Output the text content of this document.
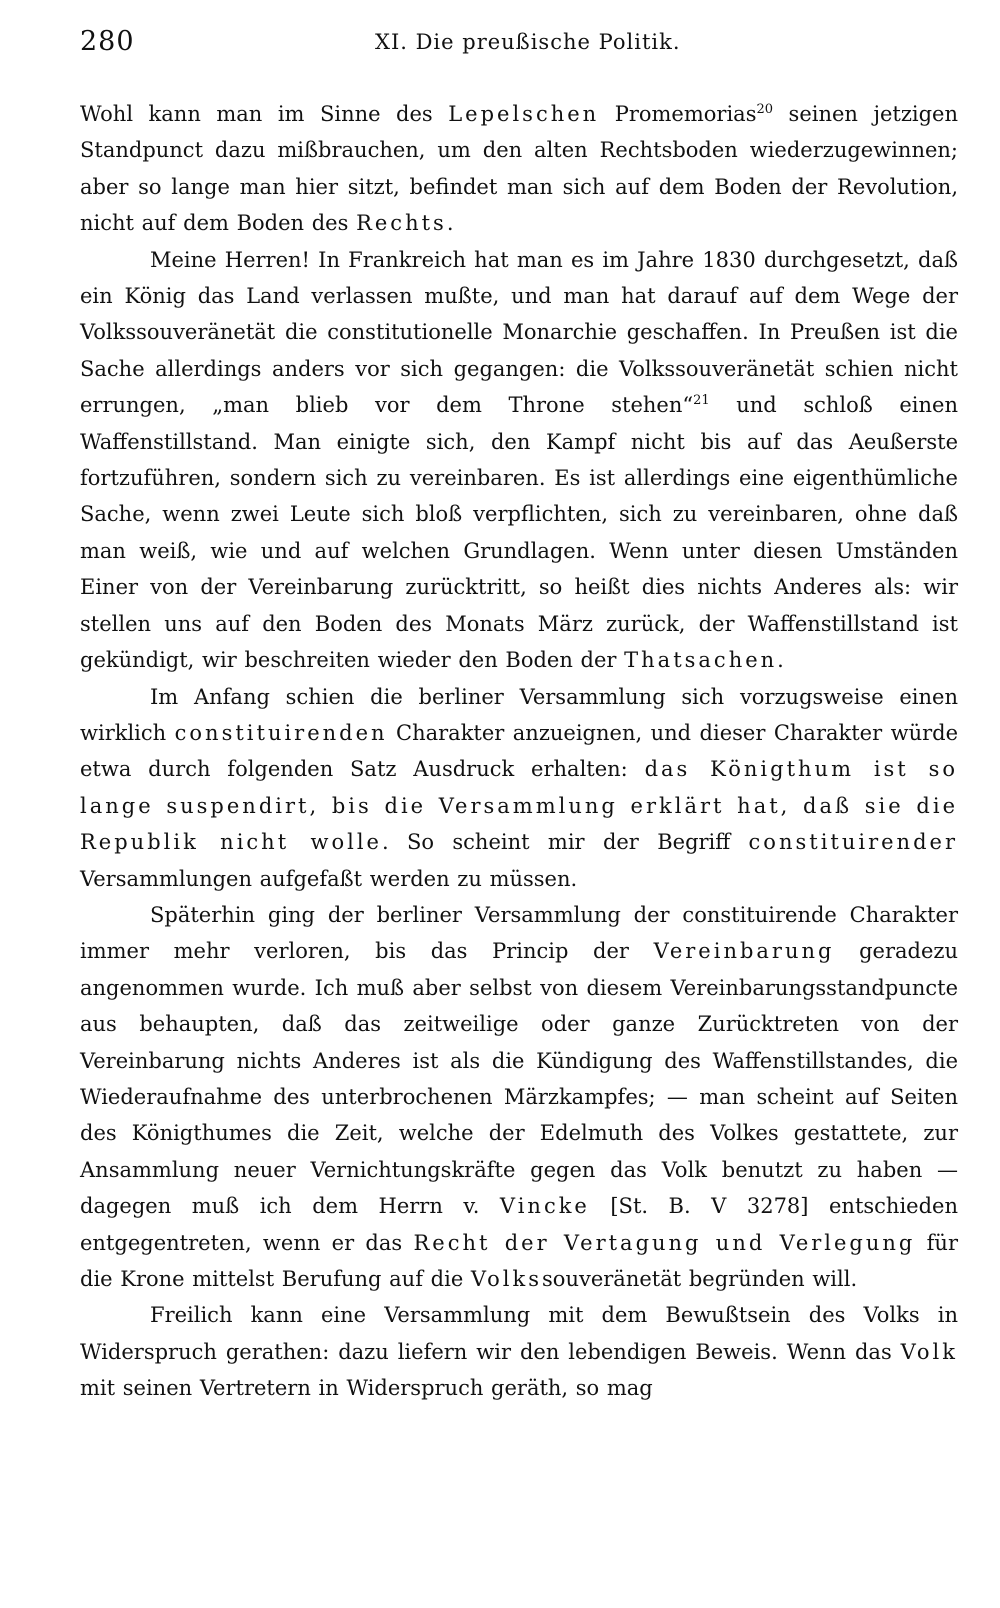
280	XI. Die preußische Politik.

Wohl kann man im Sinne des Lepelschen Promemorias$^{20}$ seinen jetzigen Standpunct dazu mißbrauchen, um den alten Rechtsboden wiederzugewinnen; aber so lange man hier sitzt, befindet man sich auf dem Boden der Revolution, nicht auf dem Boden des Rechts.

Meine Herren! In Frankreich hat man es im Jahre 1830 durchgesetzt, daß ein König das Land verlassen mußte, und man hat darauf auf dem Wege der Volkssouveränetät die constitutionelle Monarchie geschaffen. In Preußen ist die Sache allerdings anders vor sich gegangen: die Volkssouveränetät schien nicht errungen, „man blieb vor dem Throne stehen“$^{21}$ und schloß einen Waffenstillstand. Man einigte sich, den Kampf nicht bis auf das Aeußerste fortzuführen, sondern sich zu vereinbaren. Es ist allerdings eine eigenthümliche Sache, wenn zwei Leute sich bloß verpflichten, sich zu vereinbaren, ohne daß man weiß, wie und auf welchen Grundlagen. Wenn unter diesen Umständen Einer von der Vereinbarung zurücktritt, so heißt dies nichts Anderes als: wir stellen uns auf den Boden des Monats März zurück, der Waffenstillstand ist gekündigt, wir beschreiten wieder den Boden der Thatsachen.

Im Anfang schien die berliner Versammlung sich vorzugsweise einen wirklich constituirenden Charakter anzueignen, und dieser Charakter würde etwa durch folgenden Satz Ausdruck erhalten: das Königthum ist so lange suspendirt, bis die Versammlung erklärt hat, daß sie die Republik nicht wolle. So scheint mir der Begriff constituirender Versammlungen aufgefaßt werden zu müssen.

Späterhin ging der berliner Versammlung der constituirende Charakter immer mehr verloren, bis das Princip der Vereinbarung geradezu angenommen wurde. Ich muß aber selbst von diesem Vereinbarungsstandpuncte aus behaupten, daß das zeitweilige oder ganze Zurücktreten von der Vereinbarung nichts Anderes ist als die Kündigung des Waffenstillstandes, die Wiederaufnahme des unterbrochenen Märzkampfes; — man scheint auf Seiten des Königthumes die Zeit, welche der Edelmuth des Volkes gestattete, zur Ansammlung neuer Vernichtungskräfte gegen das Volk benutzt zu haben — dagegen muß ich dem Herrn v. Vincke [St. B. V 3278] entschieden entgegentreten, wenn er das Recht der Vertagung und Verlegung für die Krone mittelst Berufung auf die Volkssouveränetät begründen will.

Freilich kann eine Versammlung mit dem Bewußtsein des Volks in Widerspruch gerathen: dazu liefern wir den lebendigen Beweis. Wenn das Volk mit seinen Vertretern in Widerspruch geräth, so mag
